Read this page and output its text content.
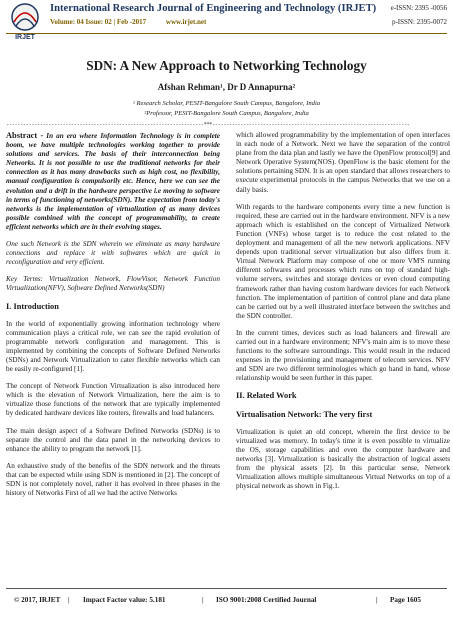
IRJET
International Research Journal of Engineering and Technology (IRJET)
Volume: 04 Issue: 02 | Feb -2017	www.irjet.net
e-ISSN: 2395 -0056
p-ISSN: 2395-0072
SDN: A New Approach to Networking Technology
Afshan Rehman¹, Dr D Annapurna²
¹ Research Scholar, PESIT-Bangalore South Campus, Bangalore, India
²Professor, PESIT-Bangalore South Campus, Bangalore, India
----------------------------------------------------------------------***----------------------------------------------------------------------

Abstract - In an era where Information Technology is in complete boom, we have multiple technologies working together to provide solutions and services. The basis of their interconnection being Networks. It is not possible to use the traditional networks for their connection as it has many drawbacks such as high cost, no flexibility, manual configuration is compulsorily etc. Hence, here we can see the evolution and a drift in the hardware perspective i.e moving to software in terms of functioning of networks(SDN). The expectation from today's networks is the implementation of virtualization of as many devices possible combined with the concept of programmability, to create efficient networks which are in their evolving stages.

One such Network is the SDN wherein we eliminate as many hardware connections and replace it with softwares which are quick in reconfiguration and very efficient.

Key Terms: Virtualization Network, FlowVisor, Network Function Virtualization(NFV), Software Defined Networks(SDN)

I. Introduction

In the world of exponentially growing information technology where communication plays a critical role, we can see the rapid evolution of programmable network configuration and management. This is implemented by combining the concepts of Software Defined Networks (SDNs) and Network Virtualization to cater flexible networks which can be easily re-configured [1].

The concept of Network Function Virtualization is also introduced here which is the elevation of Network Virtualization, here the aim is to virtualize those functions of the network that are typically implemented by dedicated hardware devices like routers, firewalls and load balancers.

The main design aspect of a Software Defined Networks (SDNs) is to separate the control and the data panel in the networking devices to enhance the ability to program the network [1].

An exhaustive study of the benefits of the SDN network and the threats that can be expected while using SDN is mentioned in [2]. The concept of SDN is not completely novel, rather it has evolved in three phases in the history of Networks First of all we had the active Networks

which allowed programmability by the implementation of open interfaces in each node of a Network. Next we have the separation of the control plane from the data plan and lastly we have the OpenFlow protocol[9] and Network Operative System(NOS). OpenFlow is the basic element for the solutions pertaining SDN. It is an open standard that allows researchers to execute experimental protocols in the campus Networks that we use on a daily basis.

With regards to the hardware components every time a new function is required, these are carried out in the hardware environment. NFV is a new approach which is established on the concept of Virtualized Network Function (VNFs) whose target is to reduce the cost related to the deployment and management of all the new network applications. NFV depends upon traditional server virtualization but also differs from it. Virtual Network Platform may compose of one or more VM'S running different softwares and processes which runs on top of standard high-volume servers, switches and storage devices or even cloud computing framework rather than having custom hardware devices for each Network function. The implementation of partition of control plane and data plane can be carried out by a well illustrated interface between the switches and the SDN controller.

In the current times, devices such as load balancers and firewall are carried out in a hardware environment; NFV's main aim is to move these functions to the software surroundings. This would result in the reduced expenses in the provisioning and management of telecom services. NFV and SDN are two different terminologies which go hand in hand, whose relationship would be seen further in this paper.

II. Related Work
Virtualisation Network: The very first

Virtualization is quiet an old concept, wherein the first device to be virtualized was memory. In today's time it is even possible to virtualize the OS, storage capabilities and even the computer hardware and networks [3]. Virtualization is basically the abstraction of logical assets from the physical assets [2]. In this particular sense, Network Virtualization allows multiple simultaneous Virtual Networks on top of a physical network as shown in Fig.1.

© 2017, IRJET | Impact Factor value: 5.181	| ISO 9001:2008 Certified Journal	| Page 1605
